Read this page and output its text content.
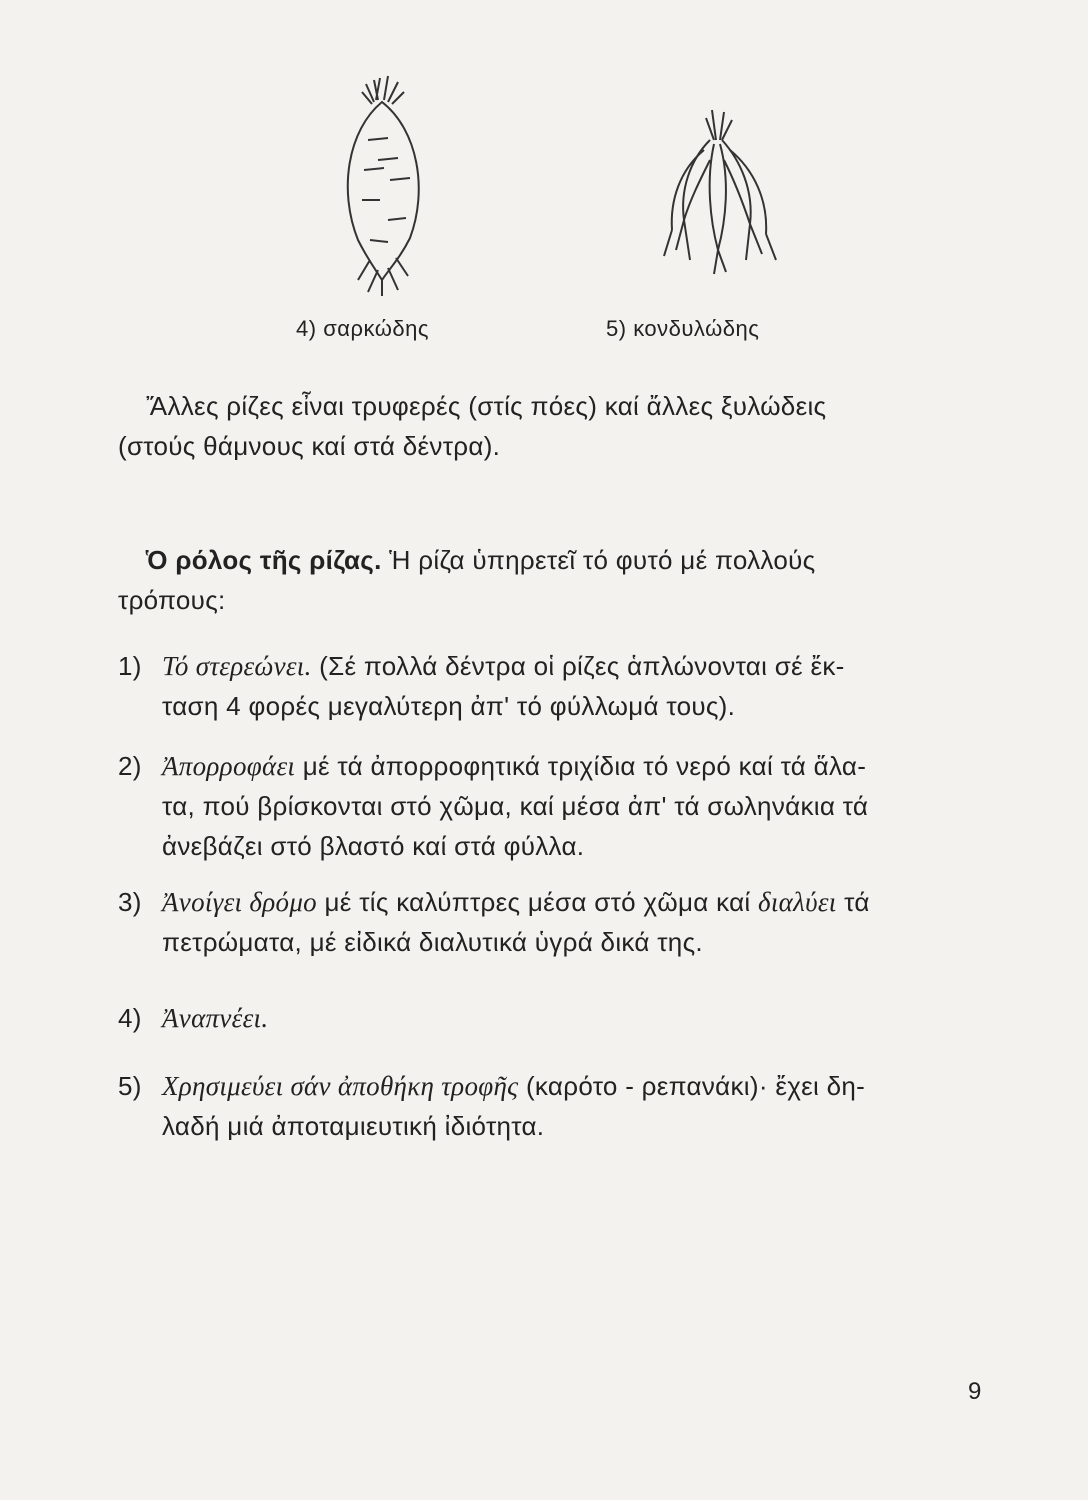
4) σαρκώδης	5) κονδυλώδης
Ἄλλες ρίζες εἶναι τρυφερές (στίς πόες) καί ἄλλες ξυλώδεις
(στούς θάμνους καί στά δέντρα).
Ὁ ρόλος τῆς ρίζας. Ἡ ρίζα ὑπηρετεῖ τό φυτό μέ πολλούς
τρόπους:
1) Τό στερεώνει. (Σέ πολλά δέντρα οἱ ρίζες ἁπλώνονται σέ ἔκ-
ταση 4 φορές μεγαλύτερη ἀπ' τό φύλλωμά τους).
2) Ἀπορροφάει μέ τά ἀπορροφητικά τριχίδια τό νερό καί τά ἅλα-
τα, πού βρίσκονται στό χῶμα, καί μέσα ἀπ' τά σωληνάκια τά
ἀνεβάζει στό βλαστό καί στά φύλλα.
3) Ἀνοίγει δρόμο μέ τίς καλύπτρες μέσα στό χῶμα καί διαλύει τά
πετρώματα, μέ εἰδικά διαλυτικά ὑγρά δικά της.
4) Ἀναπνέει.
5) Χρησιμεύει σάν ἀποθήκη τροφῆς (καρότο - ρεπανάκι)· ἔχει δη-
λαδή μιά ἀποταμιευτική ἰδιότητα.
9
